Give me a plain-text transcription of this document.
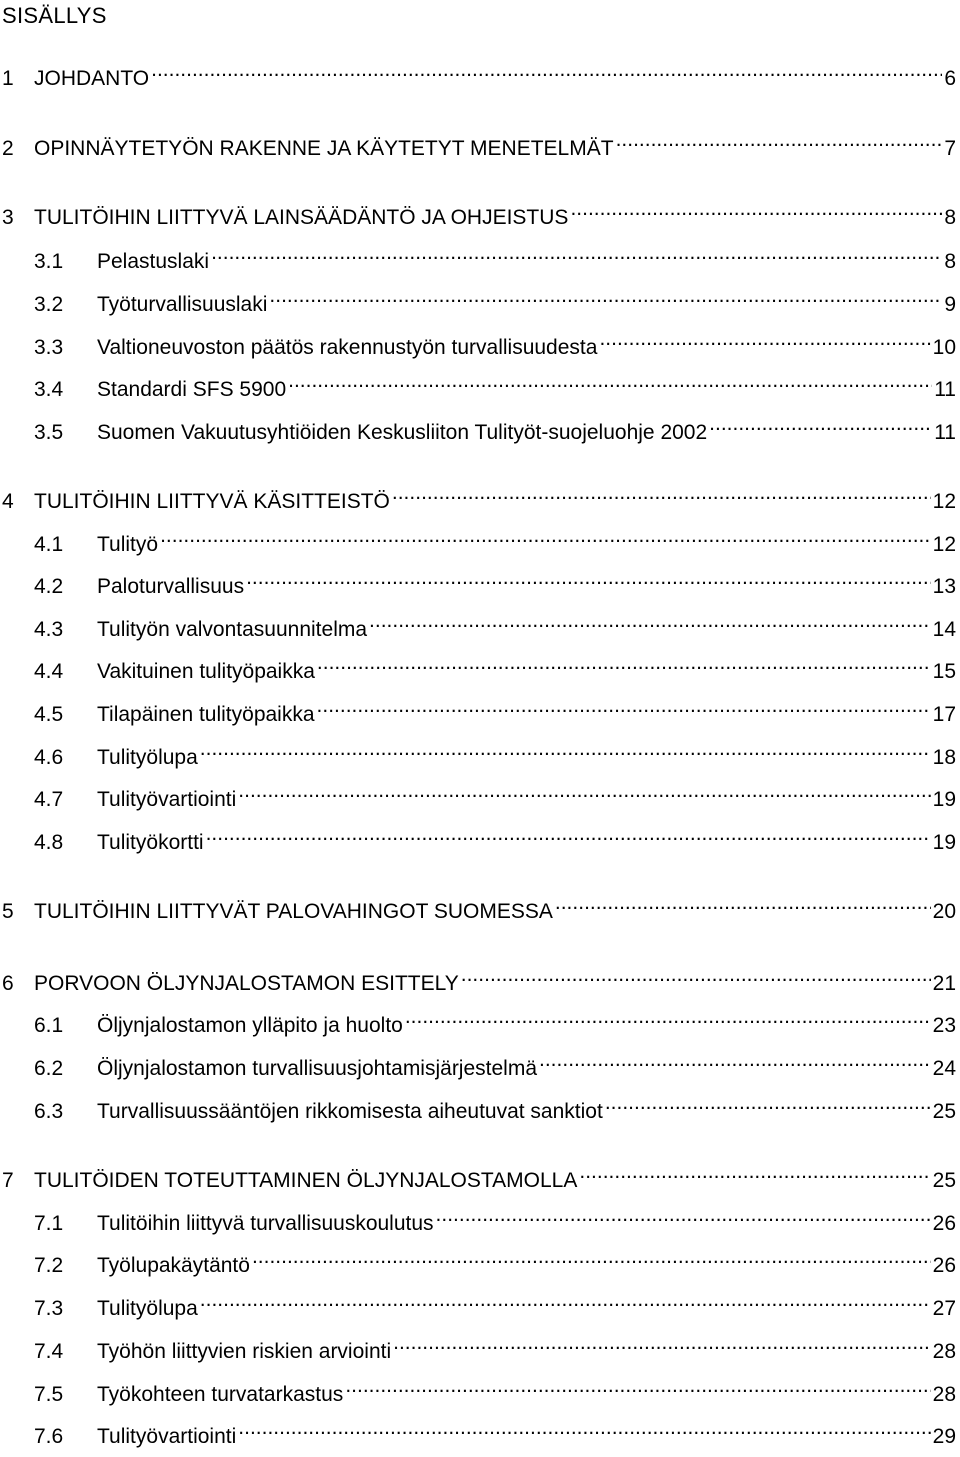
SISÄLLYS
1 JOHDANTO .....	6
2 OPINNÄYTETYÖN RAKENNE JA KÄYTETYT MENETELMÄT .....	7
3 TULITÖIHIN LIITTYVÄ LAINSÄÄDÄNTÖ JA OHJEISTUS .....	8
3.1	Pelastuslaki .....	8
3.2	Työturvallisuuslaki .....	9
3.3	Valtioneuvoston päätös rakennustyön turvallisuudesta .....	10
3.4	Standardi SFS 5900 .....	11
3.5	Suomen Vakuutusyhtiöiden Keskusliiton Tulityöt-suojeluohje 2002 .....	11
4 TULITÖIHIN LIITTYVÄ KÄSITTEISTÖ .....	12
4.1	Tulityö .....	12
4.2	Paloturvallisuus .....	13
4.3	Tulityön valvontasuunnitelma .....	14
4.4	Vakituinen tulityöpaikka .....	15
4.5	Tilapäinen tulityöpaikka .....	17
4.6	Tulityölupa .....	18
4.7	Tulityövartiointi .....	19
4.8	Tulityökortti .....	19
5 TULITÖIHIN LIITTYVÄT PALOVAHINGOT SUOMESSA .....	20
6 PORVOON ÖLJYNJALOSTAMON ESITTELY .....	21
6.1	Öljynjalostamon ylläpito ja huolto .....	23
6.2	Öljynjalostamon turvallisuusjohtamisjärjestelmä .....	24
6.3	Turvallisuussääntöjen rikkomisesta aiheutuvat sanktiot .....	25
7 TULITÖIDEN TOTEUTTAMINEN ÖLJYNJALOSTAMOLLA .....	25
7.1	Tulitöihin liittyvä turvallisuuskoulutus .....	26
7.2	Työlupakäytäntö .....	26
7.3	Tulityölupa .....	27
7.4	Työhön liittyvien riskien arviointi .....	28
7.5	Työkohteen turvatarkastus .....	28
7.6	Tulityövartiointi .....	29
